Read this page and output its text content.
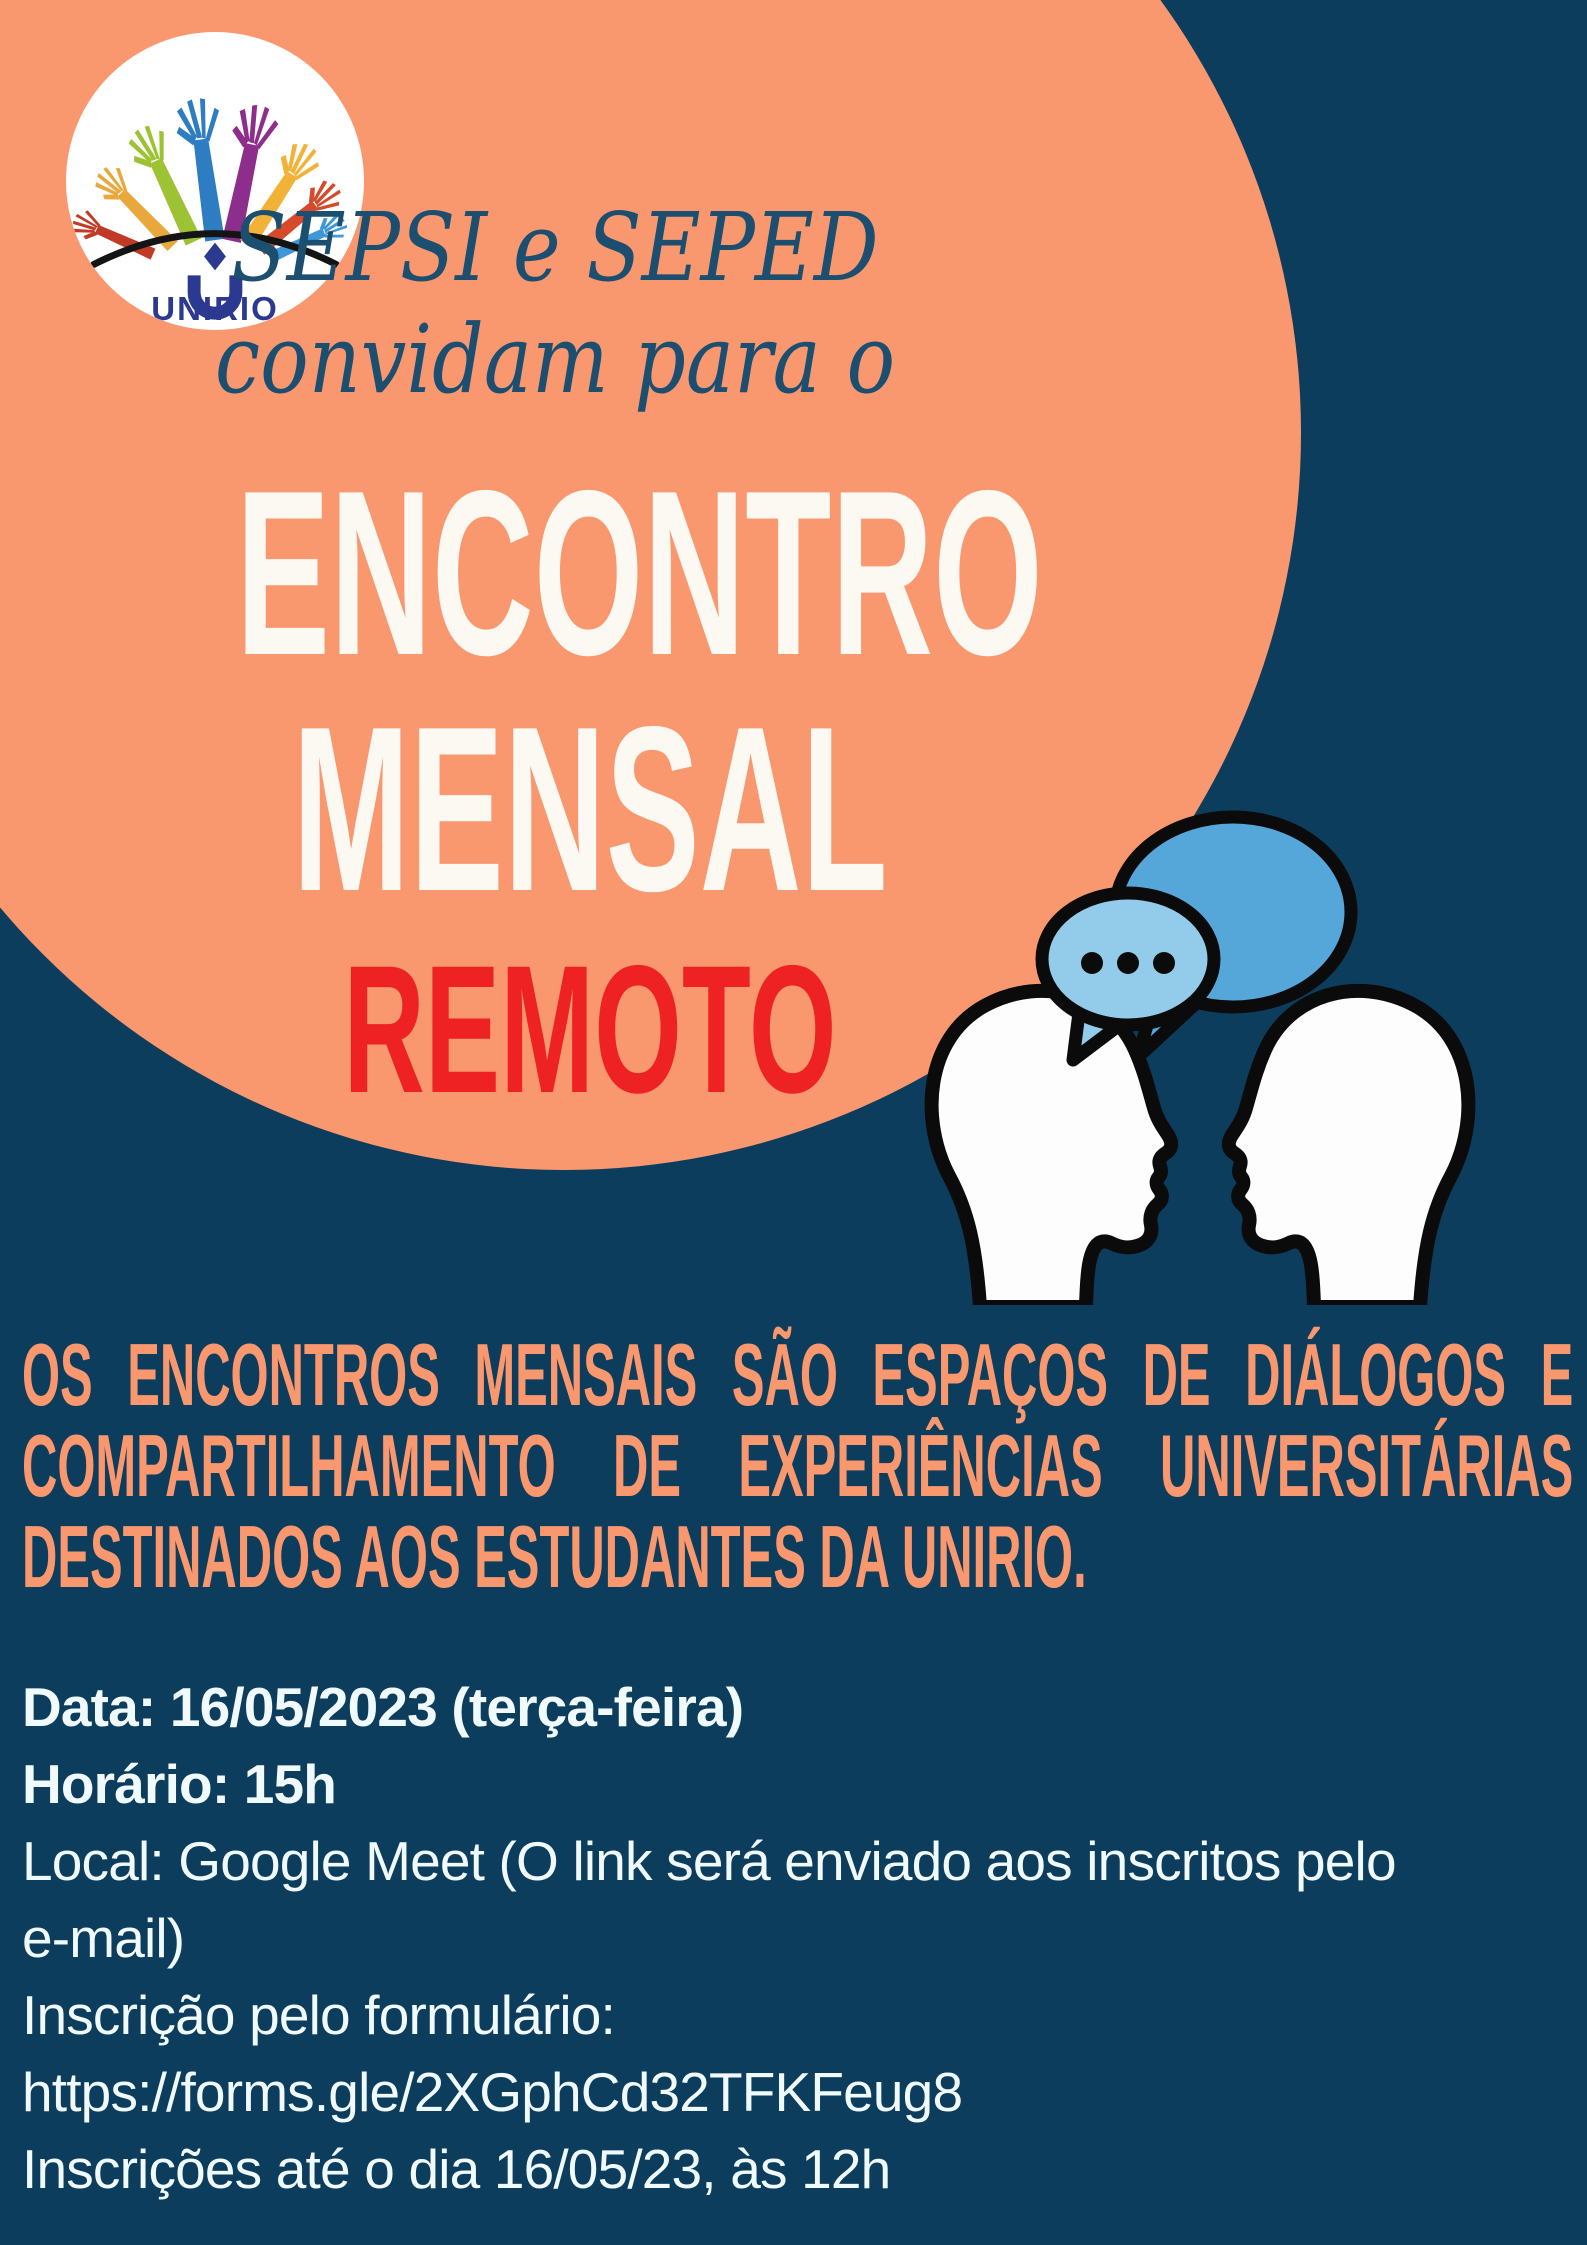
UNIRIO
SEPSI e SEPED
convidam para o
ENCONTRO
MENSAL
REMOTO
OS ENCONTROS MENSAIS SÃO ESPAÇOS DE DIÁLOGOS E
COMPARTILHAMENTO DE EXPERIÊNCIAS UNIVERSITÁRIAS
DESTINADOS AOS ESTUDANTES DA UNIRIO.
Data: 16/05/2023 (terça-feira)
Horário: 15h
Local: Google Meet (O link será enviado aos inscritos pelo
e-mail)
Inscrição pelo formulário:
https://forms.gle/2XGphCd32TFKFeug8
Inscrições até o dia 16/05/23, às 12h
